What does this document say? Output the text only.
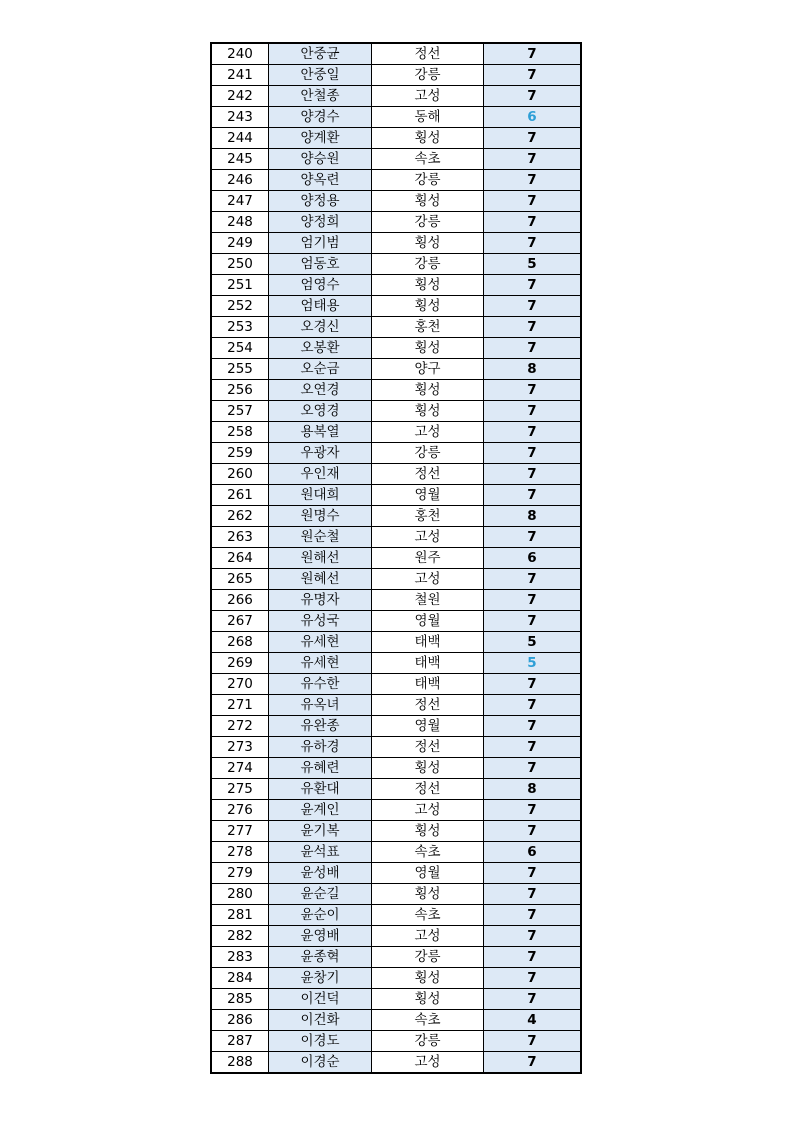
240	안중균	정선	7
241	안중일	강릉	7
242	안철종	고성	7
243	양경수	동해	6
244	양계환	횡성	7
245	양승원	속초	7
246	양옥련	강릉	7
247	양정용	횡성	7
248	양정희	강릉	7
249	엄기범	횡성	7
250	엄동호	강릉	5
251	엄영수	횡성	7
252	엄태용	횡성	7
253	오경신	홍천	7
254	오봉환	횡성	7
255	오순금	양구	8
256	오연경	횡성	7
257	오영경	횡성	7
258	용복열	고성	7
259	우광자	강릉	7
260	우인재	정선	7
261	원대희	영월	7
262	원명수	홍천	8
263	원순철	고성	7
264	원해선	원주	6
265	원혜선	고성	7
266	유명자	철원	7
267	유성국	영월	7
268	유세현	태백	5
269	유세현	태백	5
270	유수한	태백	7
271	유옥녀	정선	7
272	유완종	영월	7
273	유하경	정선	7
274	유혜련	횡성	7
275	유환대	정선	8
276	윤계인	고성	7
277	윤기복	횡성	7
278	윤석표	속초	6
279	윤성배	영월	7
280	윤순길	횡성	7
281	윤순이	속초	7
282	윤영배	고성	7
283	윤종혁	강릉	7
284	윤창기	횡성	7
285	이건덕	횡성	7
286	이건화	속초	4
287	이경도	강릉	7
288	이경순	고성	7
